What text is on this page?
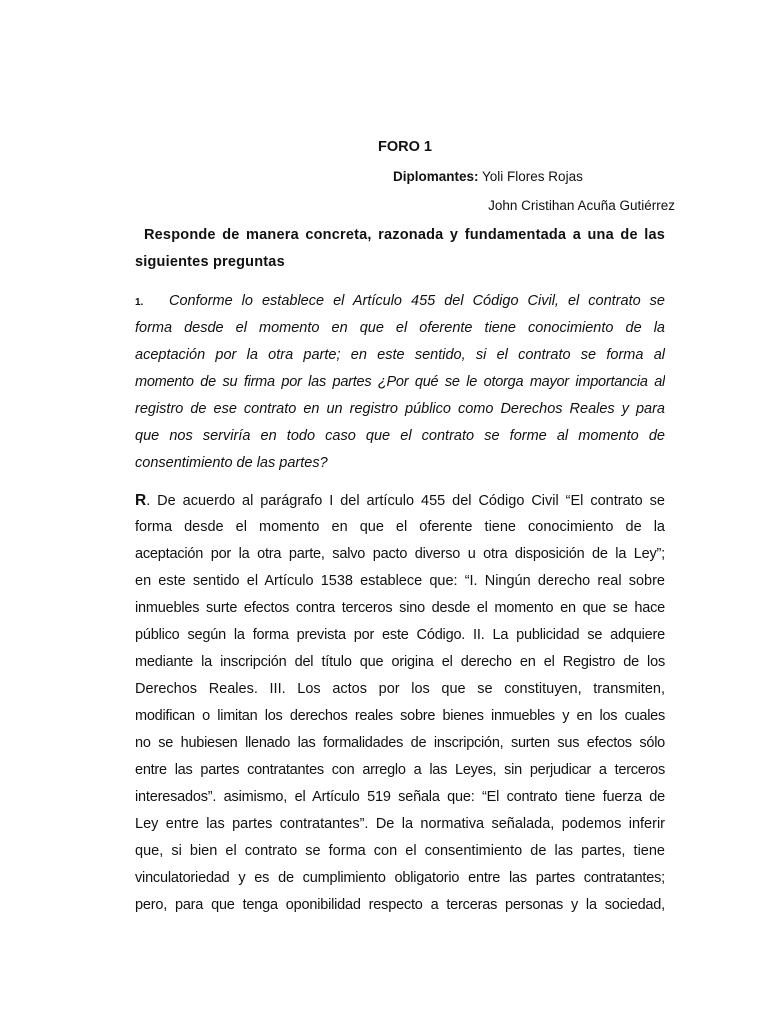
FORO 1
Diplomantes: Yoli Flores Rojas
John Cristihan Acuña Gutiérrez
Responde de manera concreta, razonada y fundamentada a una de las
siguientes preguntas
1. Conforme lo establece el Artículo 455 del Código Civil, el contrato se
forma desde el momento en que el oferente tiene conocimiento de la
aceptación por la otra parte; en este sentido, si el contrato se forma al
momento de su firma por las partes ¿Por qué se le otorga mayor importancia al
registro de ese contrato en un registro público como Derechos Reales y para
que nos serviría en todo caso que el contrato se forme al momento de
consentimiento de las partes?
R. De acuerdo al parágrafo I del artículo 455 del Código Civil “El contrato se
forma desde el momento en que el oferente tiene conocimiento de la
aceptación por la otra parte, salvo pacto diverso u otra disposición de la Ley”;
en este sentido el Artículo 1538 establece que: “I. Ningún derecho real sobre
inmuebles surte efectos contra terceros sino desde el momento en que se hace
público según la forma prevista por este Código. II. La publicidad se adquiere
mediante la inscripción del título que origina el derecho en el Registro de los
Derechos Reales. III. Los actos por los que se constituyen, transmiten,
modifican o limitan los derechos reales sobre bienes inmuebles y en los cuales
no se hubiesen llenado las formalidades de inscripción, surten sus efectos sólo
entre las partes contratantes con arreglo a las Leyes, sin perjudicar a terceros
interesados”. asimismo, el Artículo 519 señala que: “El contrato tiene fuerza de
Ley entre las partes contratantes”. De la normativa señalada, podemos inferir
que, si bien el contrato se forma con el consentimiento de las partes, tiene
vinculatoriedad y es de cumplimiento obligatorio entre las partes contratantes;
pero, para que tenga oponibilidad respecto a terceras personas y la sociedad,
